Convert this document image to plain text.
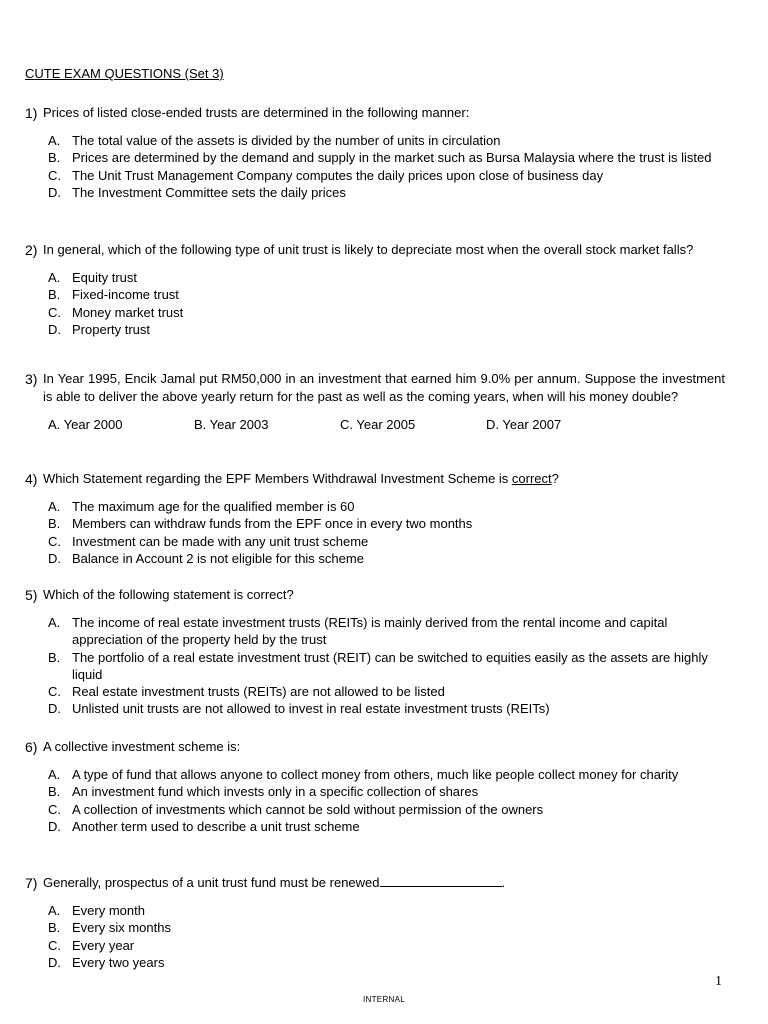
CUTE EXAM QUESTIONS (Set 3)
1) Prices of listed close-ended trusts are determined in the following manner:
A. The total value of the assets is divided by the number of units in circulation
B. Prices are determined by the demand and supply in the market such as Bursa Malaysia where the trust is listed
C. The Unit Trust Management Company computes the daily prices upon close of business day
D. The Investment Committee sets the daily prices
2) In general, which of the following type of unit trust is likely to depreciate most when the overall stock market falls?
A. Equity trust
B. Fixed-income trust
C. Money market trust
D. Property trust
3) In Year 1995, Encik Jamal put RM50,000 in an investment that earned him 9.0% per annum. Suppose the investment is able to deliver the above yearly return for the past as well as the coming years, when will his money double?
A. Year 2000	B. Year 2003	C. Year 2005	D. Year 2007
4) Which Statement regarding the EPF Members Withdrawal Investment Scheme is correct?
A. The maximum age for the qualified member is 60
B. Members can withdraw funds from the EPF once in every two months
C. Investment can be made with any unit trust scheme
D. Balance in Account 2 is not eligible for this scheme
5) Which of the following statement is correct?
A. The income of real estate investment trusts (REITs) is mainly derived from the rental income and capital appreciation of the property held by the trust
B. The portfolio of a real estate investment trust (REIT) can be switched to equities easily as the assets are highly liquid
C. Real estate investment trusts (REITs) are not allowed to be listed
D. Unlisted unit trusts are not allowed to invest in real estate investment trusts (REITs)
6) A collective investment scheme is:
A. A type of fund that allows anyone to collect money from others, much like people collect money for charity
B. An investment fund which invests only in a specific collection of shares
C. A collection of investments which cannot be sold without permission of the owners
D. Another term used to describe a unit trust scheme
7) Generally, prospectus of a unit trust fund must be renewed	.
A. Every month
B. Every six months
C. Every year
D. Every two years
1
INTERNAL
